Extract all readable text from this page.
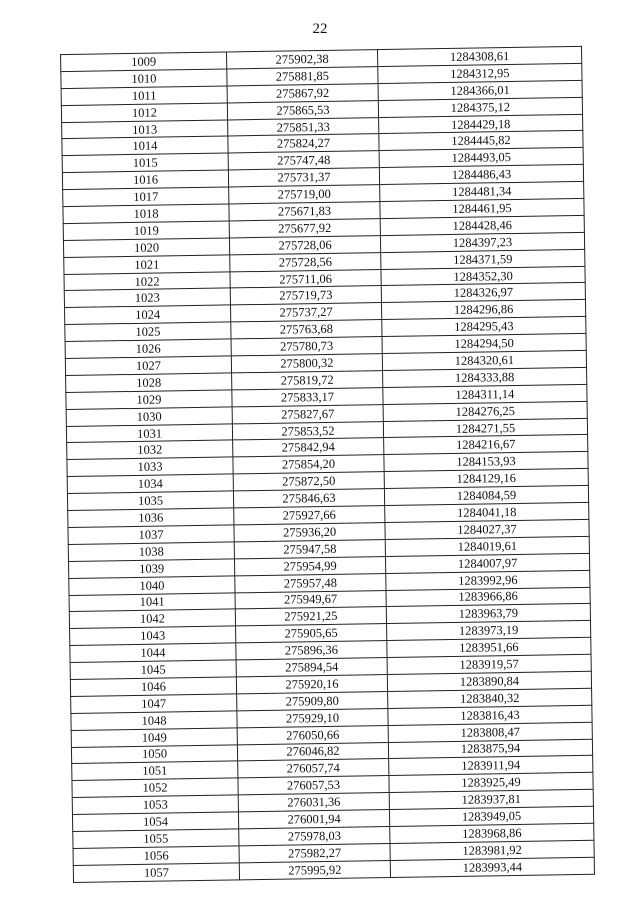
22
1009	275902,38	1284308,61
1010	275881,85	1284312,95
1011	275867,92	1284366,01
1012	275865,53	1284375,12
1013	275851,33	1284429,18
1014	275824,27	1284445,82
1015	275747,48	1284493,05
1016	275731,37	1284486,43
1017	275719,00	1284481,34
1018	275671,83	1284461,95
1019	275677,92	1284428,46
1020	275728,06	1284397,23
1021	275728,56	1284371,59
1022	275711,06	1284352,30
1023	275719,73	1284326,97
1024	275737,27	1284296,86
1025	275763,68	1284295,43
1026	275780,73	1284294,50
1027	275800,32	1284320,61
1028	275819,72	1284333,88
1029	275833,17	1284311,14
1030	275827,67	1284276,25
1031	275853,52	1284271,55
1032	275842,94	1284216,67
1033	275854,20	1284153,93
1034	275872,50	1284129,16
1035	275846,63	1284084,59
1036	275927,66	1284041,18
1037	275936,20	1284027,37
1038	275947,58	1284019,61
1039	275954,99	1284007,97
1040	275957,48	1283992,96
1041	275949,67	1283966,86
1042	275921,25	1283963,79
1043	275905,65	1283973,19
1044	275896,36	1283951,66
1045	275894,54	1283919,57
1046	275920,16	1283890,84
1047	275909,80	1283840,32
1048	275929,10	1283816,43
1049	276050,66	1283808,47
1050	276046,82	1283875,94
1051	276057,74	1283911,94
1052	276057,53	1283925,49
1053	276031,36	1283937,81
1054	276001,94	1283949,05
1055	275978,03	1283968,86
1056	275982,27	1283981,92
1057	275995,92	1283993,44
